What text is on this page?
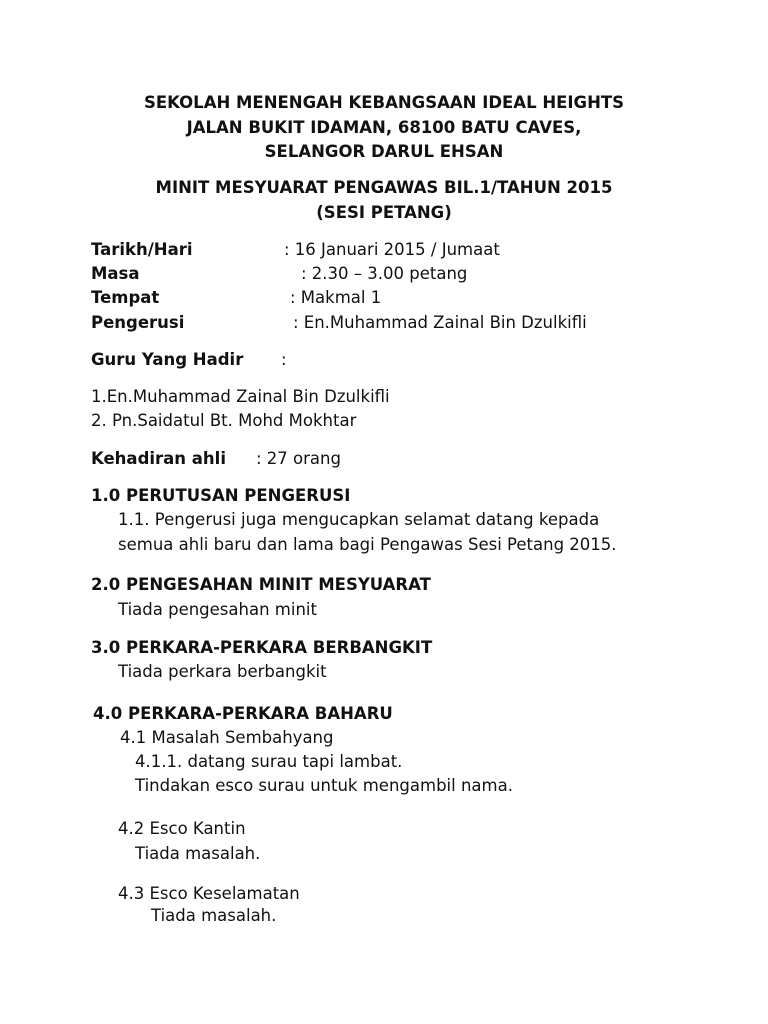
SEKOLAH MENENGAH KEBANGSAAN IDEAL HEIGHTS
JALAN BUKIT IDAMAN, 68100 BATU CAVES,
SELANGOR DARUL EHSAN
MINIT MESYUARAT PENGAWAS BIL.1/TAHUN 2015
(SESI PETANG)
Tarikh/Hari	: 16 Januari 2015 / Jumaat
Masa	: 2.30 – 3.00 petang
Tempat	: Makmal 1
Pengerusi	: En.Muhammad Zainal Bin Dzulkifli
Guru Yang Hadir :
1.En.Muhammad Zainal Bin Dzulkifli
2. Pn.Saidatul Bt. Mohd Mokhtar
Kehadiran ahli : 27 orang
1.0 PERUTUSAN PENGERUSI
1.1. Pengerusi juga mengucapkan selamat datang kepada
semua ahli baru dan lama bagi Pengawas Sesi Petang 2015.
2.0 PENGESAHAN MINIT MESYUARAT
Tiada pengesahan minit
3.0 PERKARA-PERKARA BERBANGKIT
Tiada perkara berbangkit
4.0 PERKARA-PERKARA BAHARU
4.1 Masalah Sembahyang
4.1.1. datang surau tapi lambat.
Tindakan esco surau untuk mengambil nama.
4.2 Esco Kantin
Tiada masalah.
4.3 Esco Keselamatan
Tiada masalah.
